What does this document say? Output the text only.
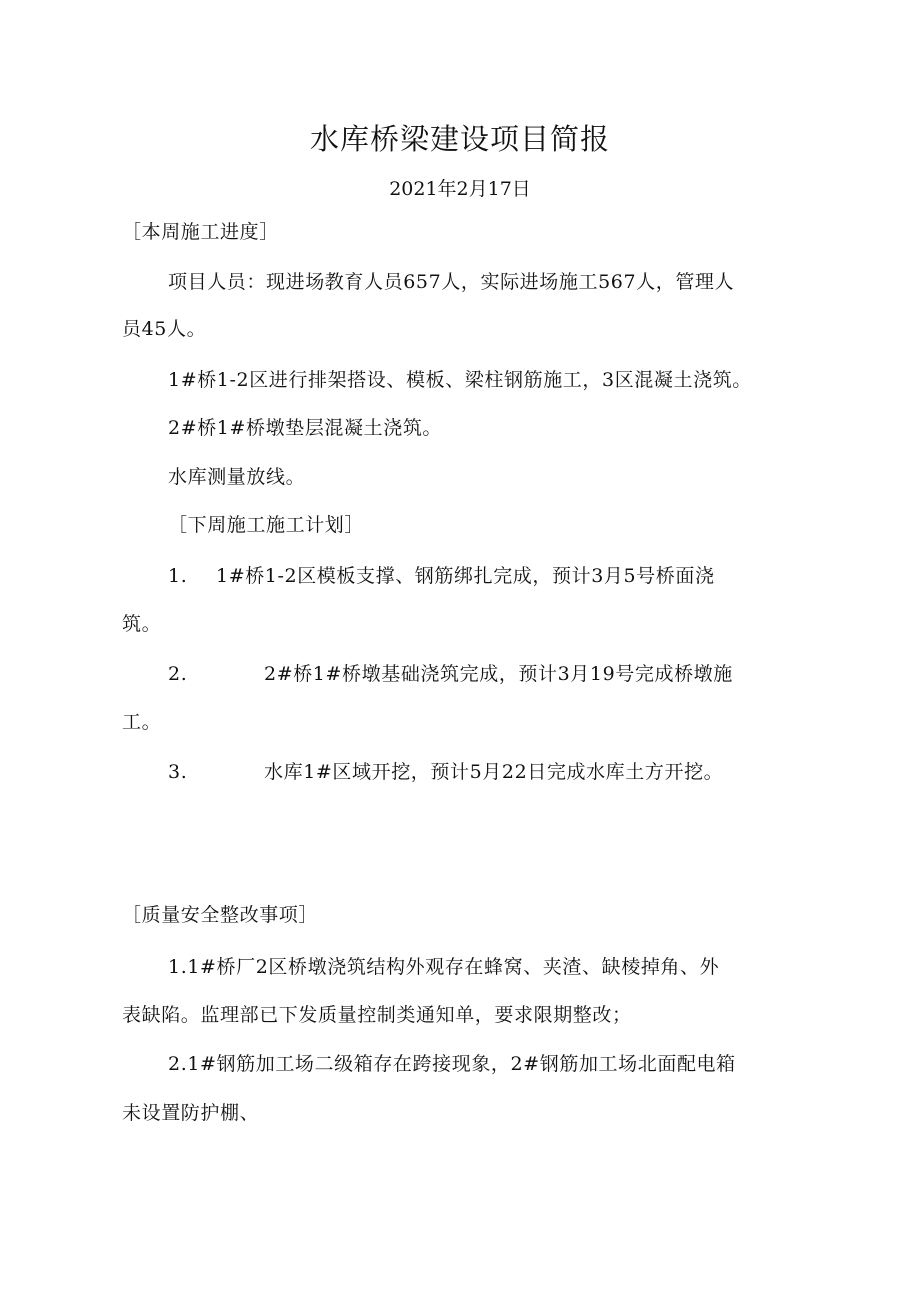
水库桥梁建设项目简报
2021年2月17日
［本周施工进度］
项目人员：现进场教育人员657人，实际进场施工567人，管理人
员45人。
1#桥1-2区进行排架搭设、模板、梁柱钢筋施工，3区混凝土浇筑。
2#桥1#桥墩垫层混凝土浇筑。
水库测量放线。
［下周施工施工计划］
1. 1#桥1-2区模板支撑、钢筋绑扎完成，预计3月5号桥面浇
筑。
2.	2#桥1#桥墩基础浇筑完成，预计3月19号完成桥墩施
工。
3.	水库1#区域开挖，预计5月22日完成水库土方开挖。
［质量安全整改事项］
1.1#桥厂2区桥墩浇筑结构外观存在蜂窝、夹渣、缺棱掉角、外
表缺陷。监理部已下发质量控制类通知单，要求限期整改；
2.1#钢筋加工场二级箱存在跨接现象，2#钢筋加工场北面配电箱
未设置防护棚、
